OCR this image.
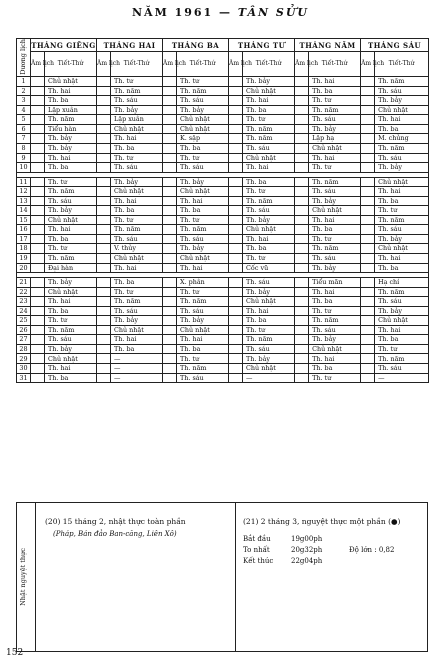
NĂM 1961 — TÂN SỬU
Dương lịch	THÁNG GIÊNG		THÁNG HAI		THÁNG BA		THÁNG TƯ		THÁNG NĂM		THÁNG SÁU	
	Âm lịch	Tiết-Thứ	Âm lịch	Tiết-Thứ	Âm lịch	Tiết-Thứ	Âm lịch	Tiết-Thứ	Âm lịch	Tiết-Thứ	Âm lịch	Tiết-Thứ
1		Chủ nhật		Th. tư		Th. tư		Th. bảy		Th. hai		Th. năm
2		Th. hai		Th. năm		Th. năm		Chủ nhật		Th. ba		Th. sáu
3		Th. ba		Th. sáu		Th. sáu		Th. hai		Th. tư		Th. bảy
4		Lập xuân		Th. bảy		Th. bảy		Th. ba		Th. năm		Chủ nhật
5		Th. năm		Lập xuân		Chủ nhật		Th. tư		Th. sáu		Th. hai
6		Tiểu hàn		Chủ nhật		Chủ nhật		Th. năm		Th. bảy		Th. ba
7		Th. bảy		Th. hai		K. sập		Th. năm		Lập hạ		M. chủng
8		Th. bảy		Th. ba		Th. ba		Th. sáu		Chủ nhật		Th. năm
9		Th. hai		Th. tư		Th. tư		Chủ nhật		Th. hai		Th. sáu
10		Th. ba		Th. sáu		Th. sáu		Th. hai		Th. tư		Th. bảy

11		Th. tư		Th. bảy		Th. bảy		Th. ba		Th. năm		Chủ nhật
12		Th. năm		Chủ nhật		Chủ nhật		Th. tư		Th. sáu		Th. hai
13		Th. sáu		Th. hai		Th. hai		Th. năm		Th. bảy		Th. ba
14		Th. bảy		Th. ba		Th. ba		Th. sáu		Chủ nhật		Th. tư
15		Chủ nhật		Th. tư		Th. tư		Th. bảy		Th. hai		Th. năm
16		Th. hai		Th. năm		Th. năm		Chủ nhật		Th. ba		Th. sáu
17		Th. ba		Th. sáu		Th. sáu		Th. hai		Th. tư		Th. bảy
18		Th. tư		V. thủy		Th. bảy		Th. ba		Th. năm		Chủ nhật
19		Th. năm		Chủ nhật		Chủ nhật		Th. tư		Th. sáu		Th. hai
20		Đại hàn		Th. hai		Th. hai		Cốc vũ		Th. bảy		Th. ba

21		Th. bảy		Th. ba		X. phân		Th. sáu		Tiểu mãn		Hạ chí
22		Chủ nhật		Th. tư		Th. tư		Th. bảy		Th. hai		Th. năm
23		Th. hai		Th. năm		Th. năm		Chủ nhật		Th. ba		Th. sáu
24		Th. ba		Th. sáu		Th. sáu		Th. hai		Th. tư		Th. bảy
25		Th. tư		Th. bảy		Th. bảy		Th. ba		Th. năm		Chủ nhật
26		Th. năm		Chủ nhật		Chủ nhật		Th. tư		Th. sáu		Th. hai
27		Th. sáu		Th. hai		Th. hai		Th. năm		Th. bảy		Th. ba
28		Th. bảy		Th. ba		Th. ba		Th. sáu		Chủ nhật		Th. tư
29		Chủ nhật		—		Th. tư		Th. bảy		Th. hai		Th. năm
30		Th. hai		—		Th. năm		Chủ nhật		Th. ba		Th. sáu
31		Th. ba		—		Th. sáu		—		Th. tư		—
Nhật nguyệt thực
(20) 15 tháng 2, nhật thực toàn phần
(Pháp, Bán đảo Ban-căng, Liên Xô)
(21) 2 tháng 3, nguyệt thực một phần (●)
Bắt đầu	19g00ph
To nhất	20g32ph	Độ lớn :
0,82
Kết thúc	22g04ph
152
